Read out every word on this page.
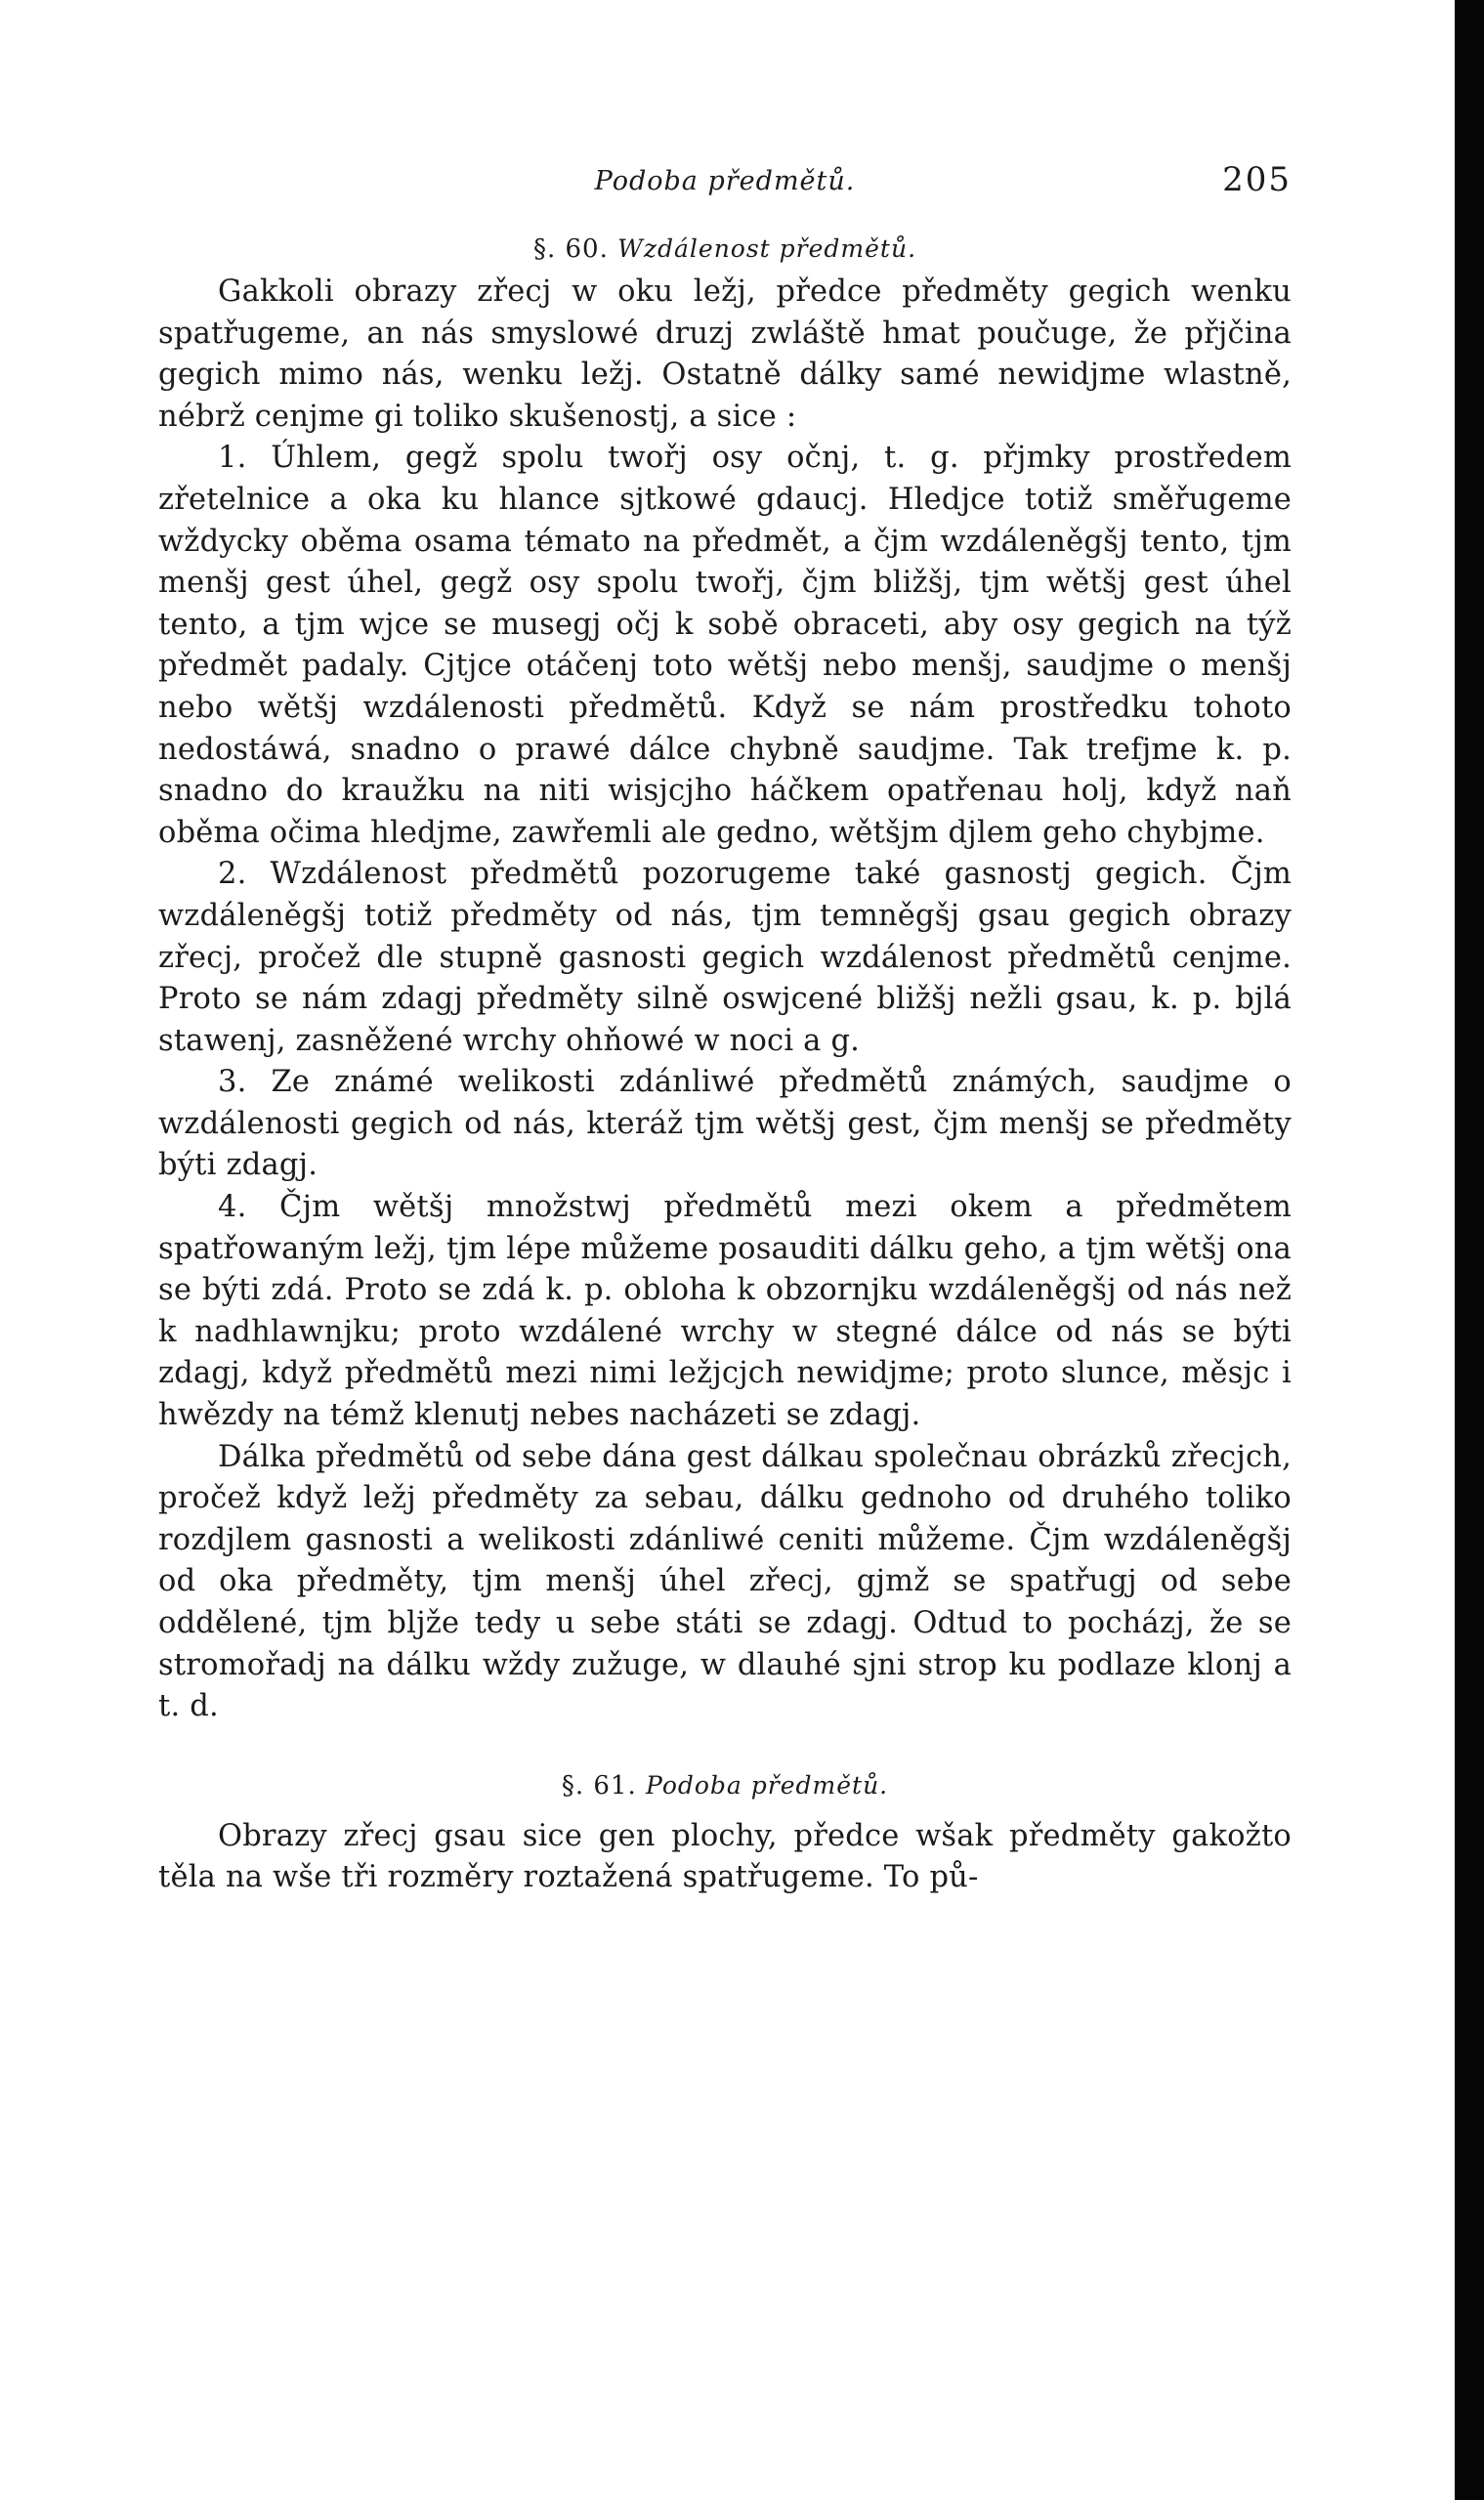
Podoba předmětů.	205
§. 60. Wzdálenost předmětů.

Gakkoli obrazy zřecj w oku ležj, předce předměty gegich wenku spatřugeme, an nás smyslowé druzj zwláště hmat poučuge, že přjčina gegich mimo nás, wenku ležj. Ostatně dálky samé newidjme wlastně, nébrž cenjme gi toliko skušenostj, a sice :

1. Úhlem, gegž spolu twořj osy očnj, t. g. přjmky prostředem zřetelnice a oka ku hlance sjtkowé gdaucj. Hledjce totiž směřugeme wždycky oběma osama témato na předmět, a čjm wzdáleněgšj tento, tjm menšj gest úhel, gegž osy spolu twořj, čjm bližšj, tjm wětšj gest úhel tento, a tjm wjce se musegj očj k sobě obraceti, aby osy gegich na týž předmět padaly. Cjtjce otáčenj toto wětšj nebo menšj, saudjme o menšj nebo wětšj wzdálenosti předmětů. Když se nám prostředku tohoto nedostáwá, snadno o prawé dálce chybně saudjme. Tak trefjme k. p. snadno do kraužku na niti wisjcjho háčkem opatřenau holj, když naň oběma očima hledjme, zawřemli ale gedno, wětšjm djlem geho chybjme.

2. Wzdálenost předmětů pozorugeme také gasnostj gegich. Čjm wzdáleněgšj totiž předměty od nás, tjm temněgšj gsau gegich obrazy zřecj, pročež dle stupně gasnosti gegich wzdálenost předmětů cenjme. Proto se nám zdagj předměty silně oswjcené bližšj nežli gsau, k. p. bjlá stawenj, zasněžené wrchy ohňowé w noci a g.

3. Ze známé welikosti zdánliwé předmětů známých, saudjme o wzdálenosti gegich od nás, kteráž tjm wětšj gest, čjm menšj se předměty býti zdagj.

4. Čjm wětšj množstwj předmětů mezi okem a předmětem spatřowaným ležj, tjm lépe můžeme posauditi dálku geho, a tjm wětšj ona se býti zdá. Proto se zdá k. p. obloha k obzornjku wzdáleněgšj od nás než k nadhlawnjku; proto wzdálené wrchy w stegné dálce od nás se býti zdagj, když předmětů mezi nimi ležjcjch newidjme; proto slunce, měsjc i hwězdy na témž klenutj nebes nacházeti se zdagj.

Dálka předmětů od sebe dána gest dálkau společnau obrázků zřecjch, pročež když ležj předměty za sebau, dálku gednoho od druhého toliko rozdjlem gasnosti a welikosti zdánliwé ceniti můžeme. Čjm wzdáleněgšj od oka předměty, tjm menšj úhel zřecj, gjmž se spatřugj od sebe oddělené, tjm bljže tedy u sebe státi se zdagj. Odtud to pocházj, že se stromořadj na dálku wždy zužuge, w dlauhé sjni strop ku podlaze klonj a t. d.

§. 61. Podoba předmětů.

Obrazy zřecj gsau sice gen plochy, předce wšak předměty gakožto těla na wše tři rozměry roztažená spatřugeme. To pů-
